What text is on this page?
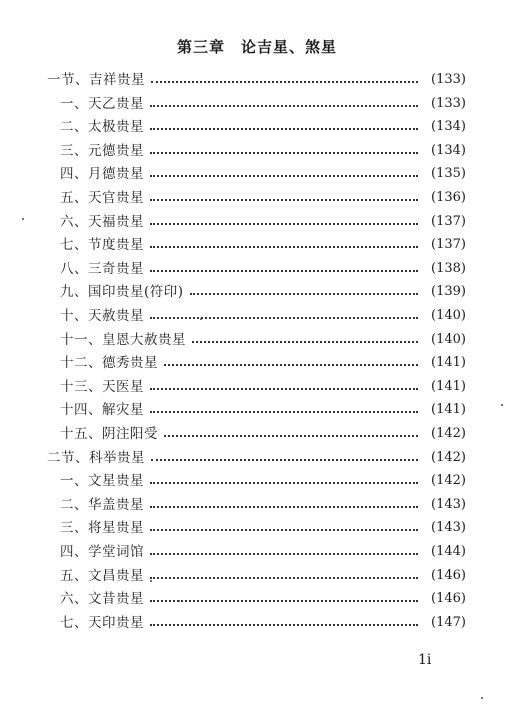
第三章　论吉星、煞星
一节、吉祥贵星	(133)
一、天乙贵星	(133)
二、太极贵星	(134)
三、元德贵星	(134)
四、月德贵星	(135)
五、天官贵星	(136)
六、天福贵星	(137)
七、节度贵星	(137)
八、三奇贵星	(138)
九、国印贵星(符印)	(139)
十、天赦贵星	(140)
十一、皇恩大赦贵星	(140)
十二、德秀贵星	(141)
十三、天医星	(141)
十四、解灾星	(141)
十五、阴注阳受	(142)
二节、科举贵星	(142)
一、文星贵星	(142)
二、华盖贵星	(143)
三、将星贵星	(143)
四、学堂词馆	(144)
五、文昌贵星	(146)
六、文昔贵星	(146)
七、天印贵星	(147)
1i
